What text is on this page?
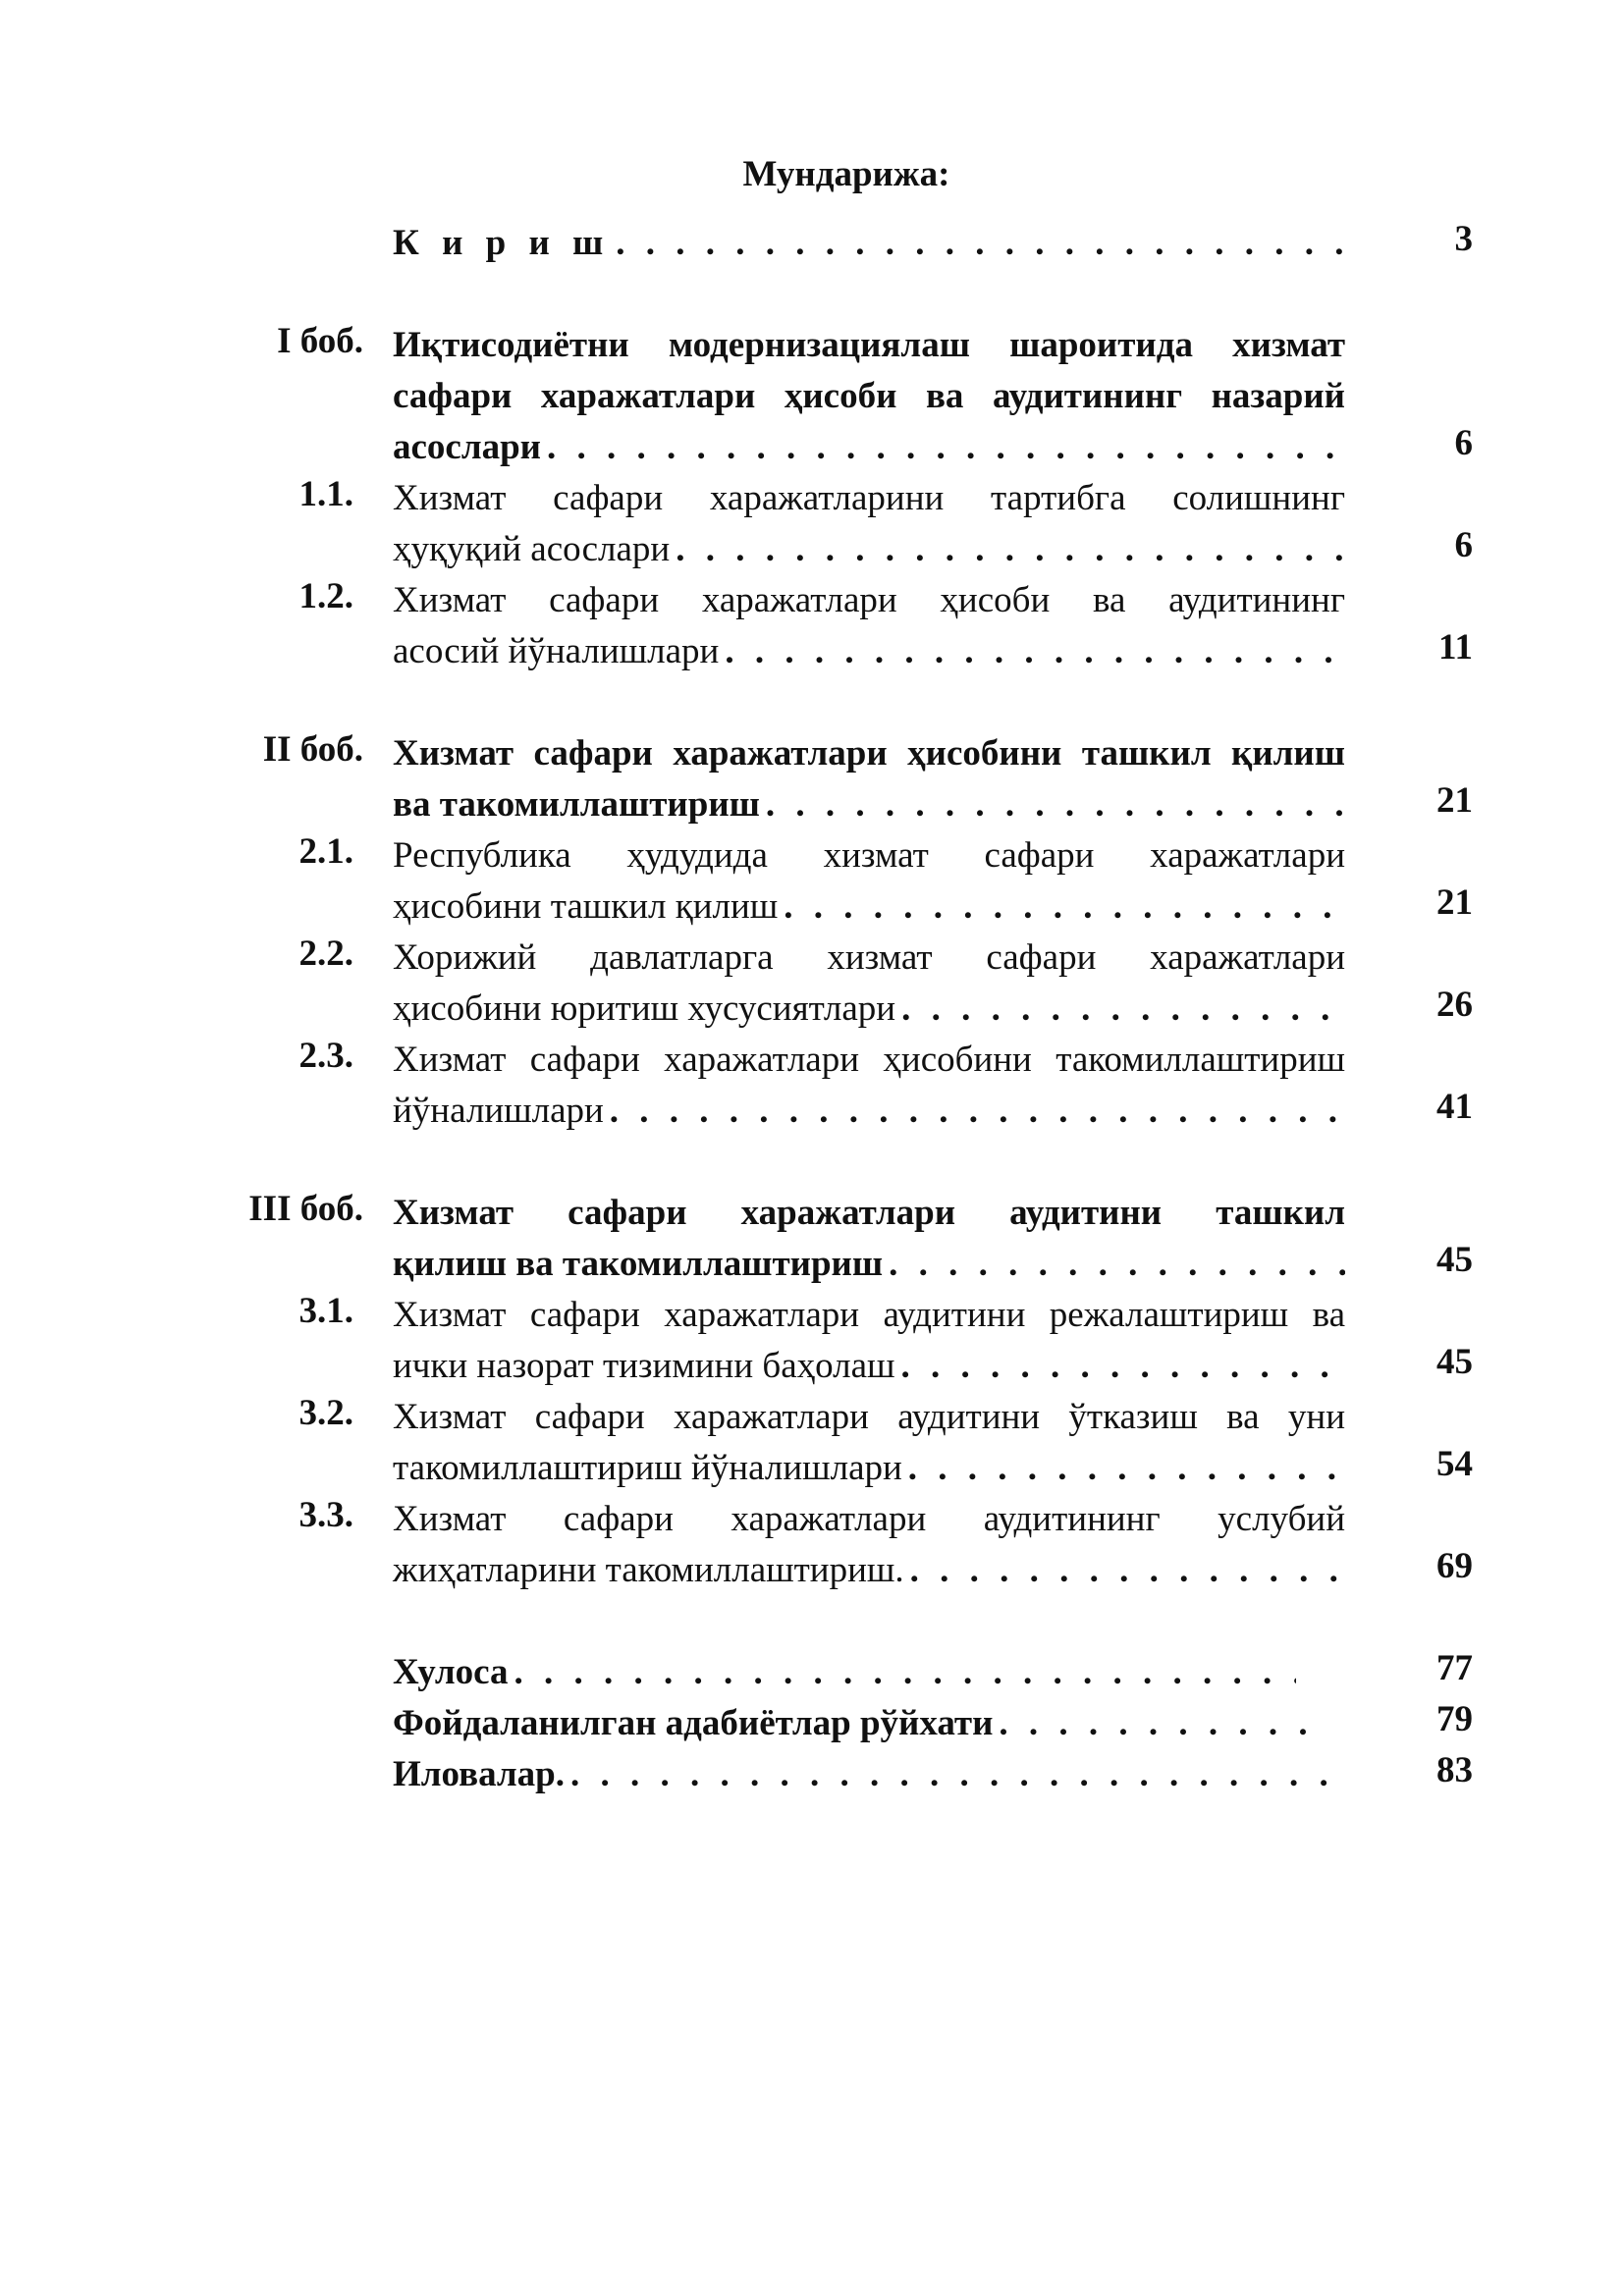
Мундарижа:
К и р и ш . . .	3
I боб. Иқтисодиётни модернизациялаш шароитида хизмат
сафари харажатлари ҳисоби ва аудитининг назарий
асослари . . .	6
1.1. Хизмат сафари харажатларини тартибга солишнинг
ҳуқуқий асослари . . .	6
1.2. Хизмат сафари харажатлари ҳисоби ва аудитининг
асосий йўналишлари . . .	11
II боб. Хизмат сафари харажатлари ҳисобини ташкил қилиш
ва такомиллаштириш . . .	21
2.1. Республика ҳудудида хизмат сафари харажатлари
ҳисобини ташкил қилиш . . .	21
2.2. Хорижий давлатларга хизмат сафари харажатлари
ҳисобини юритиш хусусиятлари . . .	26
2.3. Хизмат сафари харажатлари ҳисобини такомиллаштириш
йўналишлари . . .	41
III боб. Хизмат сафари харажатлари аудитини ташкил
қилиш ва такомиллаштириш . . .	45
3.1. Хизмат сафари харажатлари аудитини режалаштириш ва
ички назорат тизимини баҳолаш . . .	45
3.2. Хизмат сафари харажатлари аудитини ўтказиш ва уни
такомиллаштириш йўналишлари . . .	54
3.3. Хизмат сафари харажатлари аудитининг услубий
жиҳатларини такомиллаштириш. . . .	69
Хулоса . . .	77
Фойдаланилган адабиётлар рўйхати . . .	79
Иловалар. . . .	83
